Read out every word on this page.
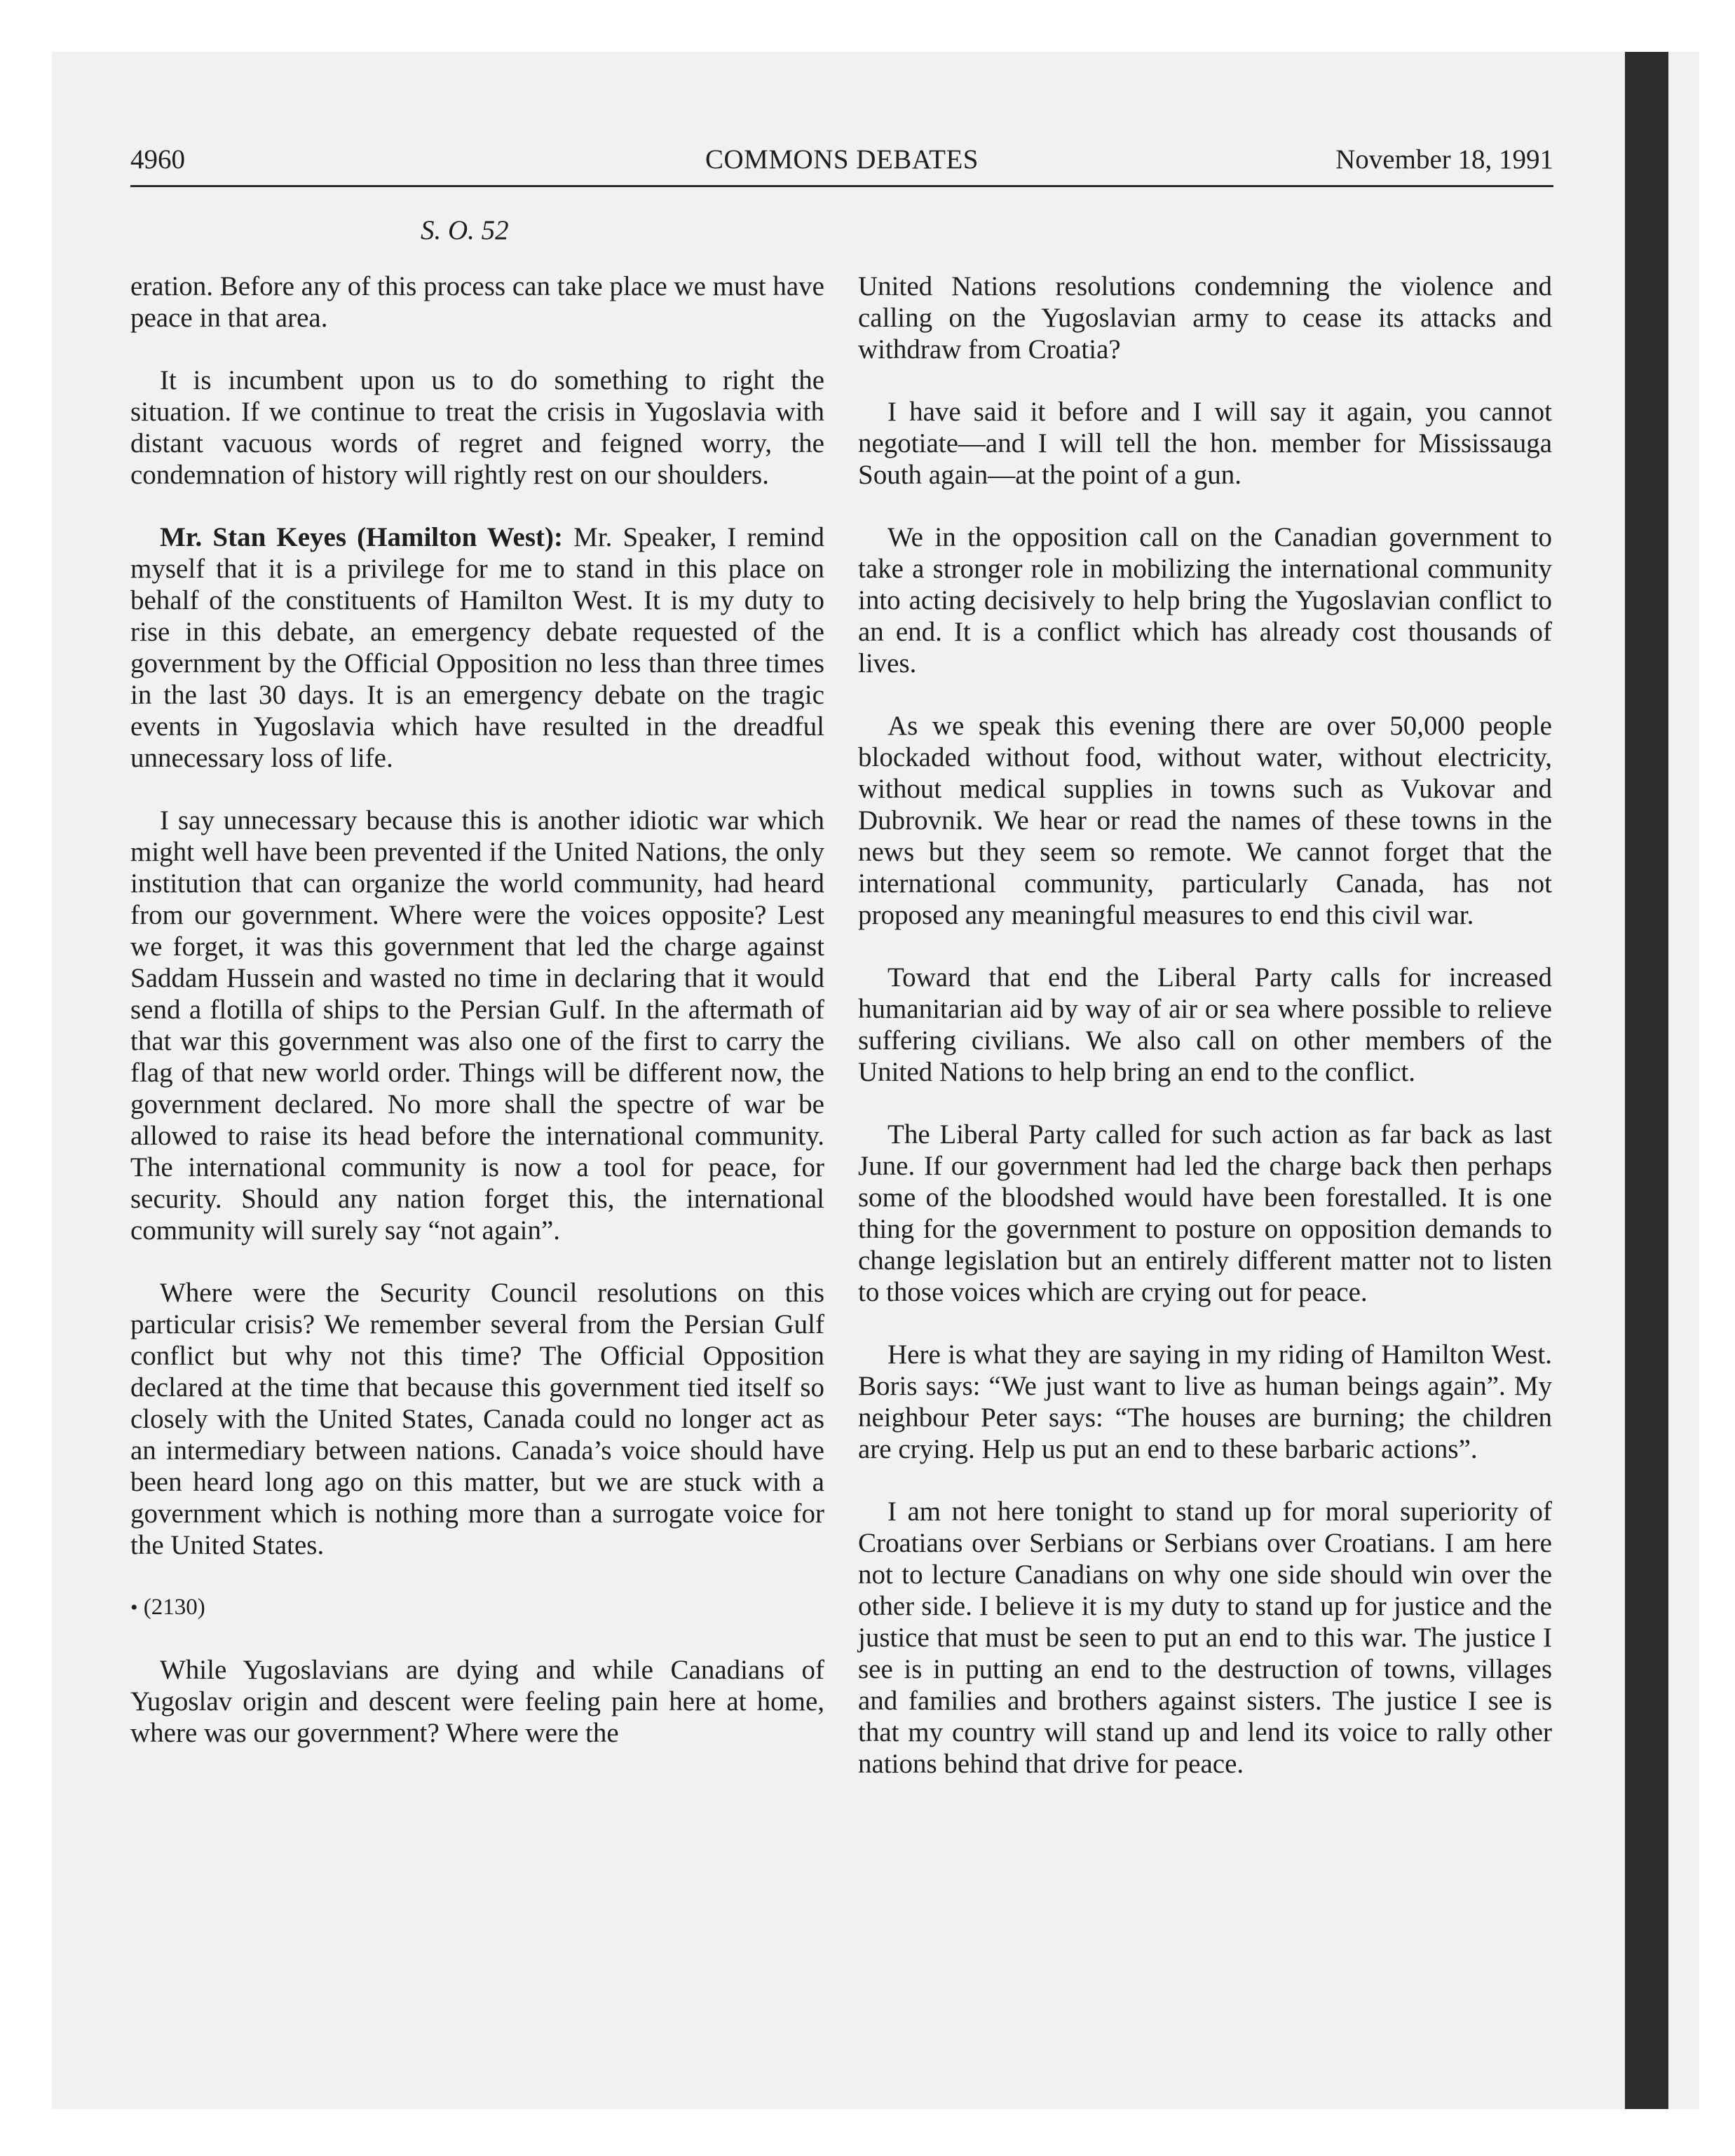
4960	COMMONS DEBATES	November 18, 1991
S. O. 52

eration. Before any of this process can take place we must have peace in that area.

It is incumbent upon us to do something to right the situation. If we continue to treat the crisis in Yugoslavia with distant vacuous words of regret and feigned worry, the condemnation of history will rightly rest on our shoulders.

Mr. Stan Keyes (Hamilton West): Mr. Speaker, I remind myself that it is a privilege for me to stand in this place on behalf of the constituents of Hamilton West. It is my duty to rise in this debate, an emergency debate requested of the government by the Official Opposition no less than three times in the last 30 days. It is an emergency debate on the tragic events in Yugoslavia which have resulted in the dreadful unnecessary loss of life.

I say unnecessary because this is another idiotic war which might well have been prevented if the United Nations, the only institution that can organize the world community, had heard from our government. Where were the voices opposite? Lest we forget, it was this government that led the charge against Saddam Hussein and wasted no time in declaring that it would send a flotilla of ships to the Persian Gulf. In the aftermath of that war this government was also one of the first to carry the flag of that new world order. Things will be different now, the government declared. No more shall the spectre of war be allowed to raise its head before the international community. The international community is now a tool for peace, for security. Should any nation forget this, the international community will surely say “not again”.

Where were the Security Council resolutions on this particular crisis? We remember several from the Persian Gulf conflict but why not this time? The Official Opposition declared at the time that because this government tied itself so closely with the United States, Canada could no longer act as an intermediary between nations. Canada’s voice should have been heard long ago on this matter, but we are stuck with a government which is nothing more than a surrogate voice for the United States.

• (2130)

While Yugoslavians are dying and while Canadians of Yugoslav origin and descent were feeling pain here at home, where was our government? Where were the

United Nations resolutions condemning the violence and calling on the Yugoslavian army to cease its attacks and withdraw from Croatia?

I have said it before and I will say it again, you cannot negotiate—and I will tell the hon. member for Mississauga South again—at the point of a gun.

We in the opposition call on the Canadian government to take a stronger role in mobilizing the international community into acting decisively to help bring the Yugoslavian conflict to an end. It is a conflict which has already cost thousands of lives.

As we speak this evening there are over 50,000 people blockaded without food, without water, without electricity, without medical supplies in towns such as Vukovar and Dubrovnik. We hear or read the names of these towns in the news but they seem so remote. We cannot forget that the international community, particularly Canada, has not proposed any meaningful measures to end this civil war.

Toward that end the Liberal Party calls for increased humanitarian aid by way of air or sea where possible to relieve suffering civilians. We also call on other members of the United Nations to help bring an end to the conflict.

The Liberal Party called for such action as far back as last June. If our government had led the charge back then perhaps some of the bloodshed would have been forestalled. It is one thing for the government to posture on opposition demands to change legislation but an entirely different matter not to listen to those voices which are crying out for peace.

Here is what they are saying in my riding of Hamilton West. Boris says: “We just want to live as human beings again”. My neighbour Peter says: “The houses are burning; the children are crying. Help us put an end to these barbaric actions”.

I am not here tonight to stand up for moral superiority of Croatians over Serbians or Serbians over Croatians. I am here not to lecture Canadians on why one side should win over the other side. I believe it is my duty to stand up for justice and the justice that must be seen to put an end to this war. The justice I see is in putting an end to the destruction of towns, villages and families and brothers against sisters. The justice I see is that my country will stand up and lend its voice to rally other nations behind that drive for peace.
